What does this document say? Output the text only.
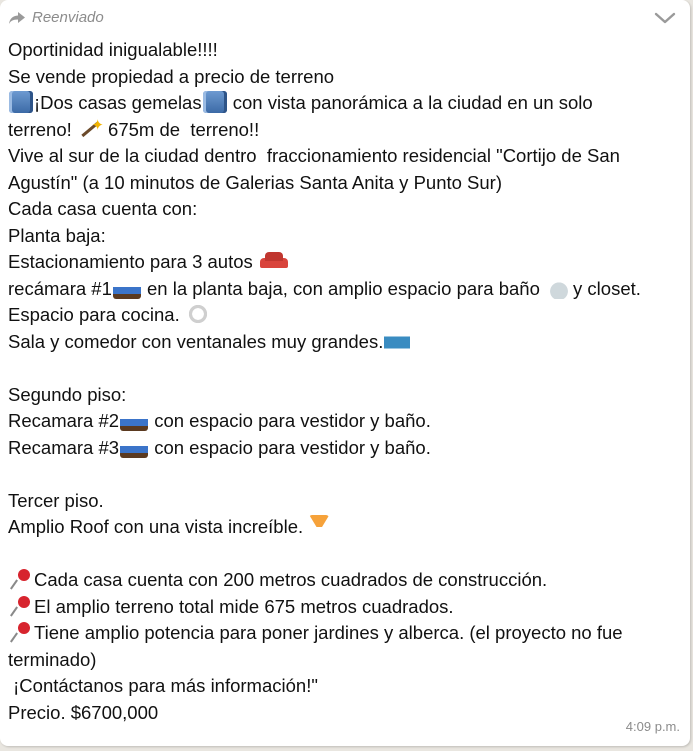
Reenviado
Oportinidad inigualable!!!!
Se vende propiedad a precio de terreno
¡Dos casas gemelas con vista panorámica a la ciudad en un solo
terreno!  ✦ 675m de  terreno!!
Vive al sur de la ciudad dentro  fraccionamiento residencial "Cortijo de San
Agustín" (a 10 minutos de Galerias Santa Anita y Punto Sur)
Cada casa cuenta con:
Planta baja:
Estacionamiento para 3 autos
recámara #1 en la planta baja, con amplio espacio para baño y closet.
Espacio para cocina.
Sala y comedor con ventanales muy grandes.
Segundo piso:
Recamara #2 con espacio para vestidor y baño.
Recamara #3 con espacio para vestidor y baño.
Tercer piso.
Amplio Roof con una vista increíble.
Cada casa cuenta con 200 metros cuadrados de construcción.
El amplio terreno total mide 675 metros cuadrados.
Tiene amplio potencia para poner jardines y alberca. (el proyecto no fue
terminado)
¡Contáctanos para más información!"
Precio. $6700,000
4:09 p.m.
